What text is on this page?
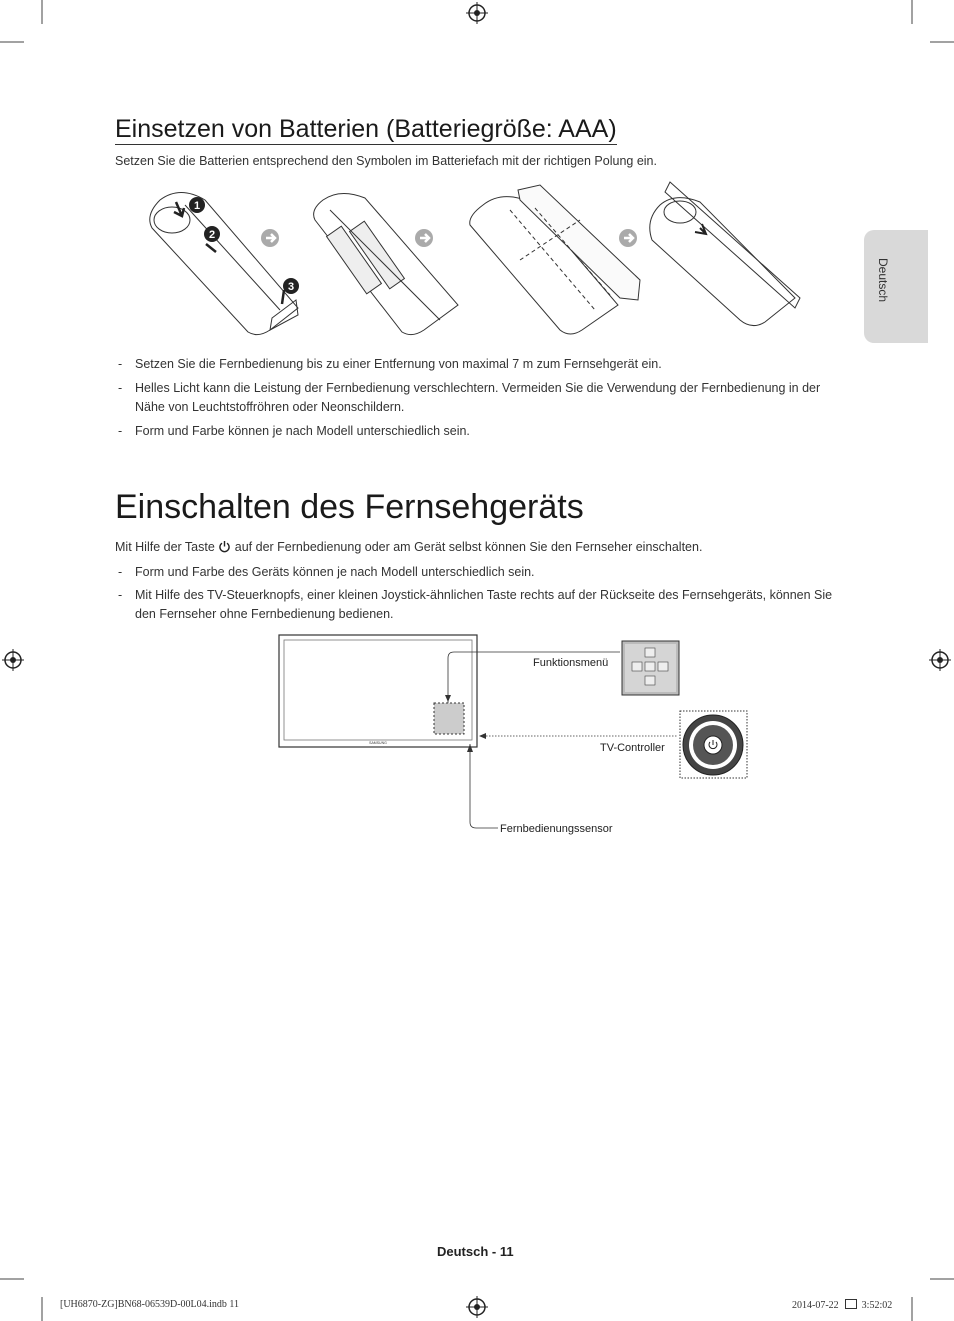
Deutsch
Einsetzen von Batterien (Batteriegröße: AAA)
Setzen Sie die Batterien entsprechend den Symbolen im Batteriefach mit der richtigen Polung ein.
1
2
3
- Setzen Sie die Fernbedienung bis zu einer Entfernung von maximal 7 m zum Fernsehgerät ein.
- Helles Licht kann die Leistung der Fernbedienung verschlechtern. Vermeiden Sie die Verwendung der Fernbedienung in der Nähe von Leuchtstoffröhren oder Neonschildern.
- Form und Farbe können je nach Modell unterschiedlich sein.
Einschalten des Fernsehgeräts
Mit Hilfe der Taste auf der Fernbedienung oder am Gerät selbst können Sie den Fernseher einschalten.
- Form und Farbe des Geräts können je nach Modell unterschiedlich sein.
- Mit Hilfe des TV-Steuerknopfs, einer kleinen Joystick-ähnlichen Taste rechts auf der Rückseite des Fernsehgeräts, können Sie den Fernseher ohne Fernbedienung bedienen.
SAMSUNG
Funktionsmenü
TV-Controller
Fernbedienungssensor
Deutsch - 11
[UH6870-ZG]BN68-06539D-00L04.indb 11	2014-07-22 3:52:02
